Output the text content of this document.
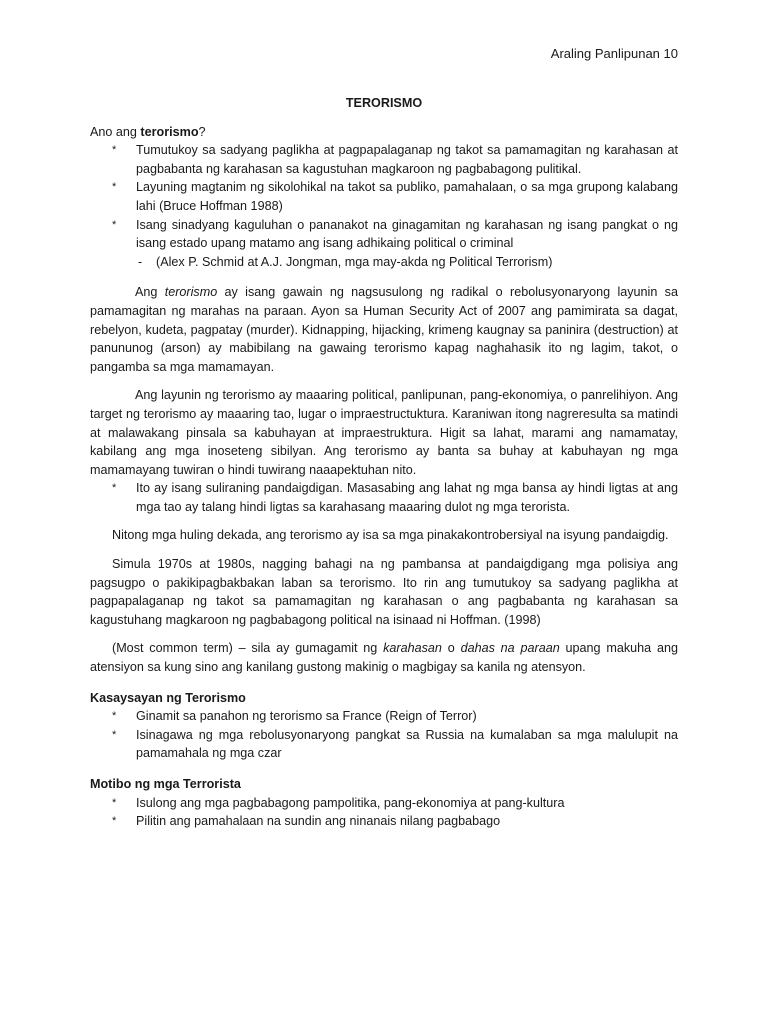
Araling Panlipunan 10

TERORISMO

Ano ang terorismo?

* Tumutukoy sa sadyang paglikha at pagpapalaganap ng takot sa pamamagitan ng karahasan at pagbabanta ng karahasan sa kagustuhan magkaroon ng pagbabagong pulitikal.
* Layuning magtanim ng sikolohikal na takot sa publiko, pamahalaan, o sa mga grupong kalabang lahi (Bruce Hoffman 1988)
* Isang sinadyang kaguluhan o pananakot na ginagamitan ng karahasan ng isang pangkat o ng isang estado upang matamo ang isang adhikaing political o criminal
- (Alex P. Schmid at A.J. Jongman, mga may-akda ng Political Terrorism)

Ang terorismo ay isang gawain ng nagsusulong ng radikal o rebolusyonaryong layunin sa pamamagitan ng marahas na paraan. Ayon sa Human Security Act of 2007 ang pamimirata sa dagat, rebelyon, kudeta, pagpatay (murder). Kidnapping, hijacking, krimeng kaugnay sa paninira (destruction) at panununog (arson) ay mabibilang na gawaing terorismo kapag naghahasik ito ng lagim, takot, o pangamba sa mga mamamayan.

Ang layunin ng terorismo ay maaaring political, panlipunan, pang-ekonomiya, o panrelihiyon. Ang target ng terorismo ay maaaring tao, lugar o impraestructuktura. Karaniwan itong nagreresulta sa matindi at malawakang pinsala sa kabuhayan at impraestruktura. Higit sa lahat, marami ang namamatay, kabilang ang mga inoseteng sibilyan. Ang terorismo ay banta sa buhay at kabuhayan ng mga mamamayang tuwiran o hindi tuwirang naaapektuhan nito.

* Ito ay isang suliraning pandaigdigan. Masasabing ang lahat ng mga bansa ay hindi ligtas at ang mga tao ay talang hindi ligtas sa karahasang maaaring dulot ng mga terorista.

Nitong mga huling dekada, ang terorismo ay isa sa mga pinakakontrobersiyal na isyung pandaigdig.

Simula 1970s at 1980s, nagging bahagi na ng pambansa at pandaigdigang mga polisiya ang pagsugpo o pakikipagbakbakan laban sa terorismo. Ito rin ang tumutukoy sa sadyang paglikha at pagpapalaganap ng takot sa pamamagitan ng karahasan o ang pagbabanta ng karahasan sa kagustuhang magkaroon ng pagbabagong political na isinaad ni Hoffman. (1998)

(Most common term) – sila ay gumagamit ng karahasan o dahas na paraan upang makuha ang atensiyon sa kung sino ang kanilang gustong makinig o magbigay sa kanila ng atensyon.

Kasaysayan ng Terorismo

* Ginamit sa panahon ng terorismo sa France (Reign of Terror)
* Isinagawa ng mga rebolusyonaryong pangkat sa Russia na kumalaban sa mga malulupit na pamamahala ng mga czar

Motibo ng mga Terrorista

* Isulong ang mga pagbabagong pampolitika, pang-ekonomiya at pang-kultura
* Pilitin ang pamahalaan na sundin ang ninanais nilang pagbabago
